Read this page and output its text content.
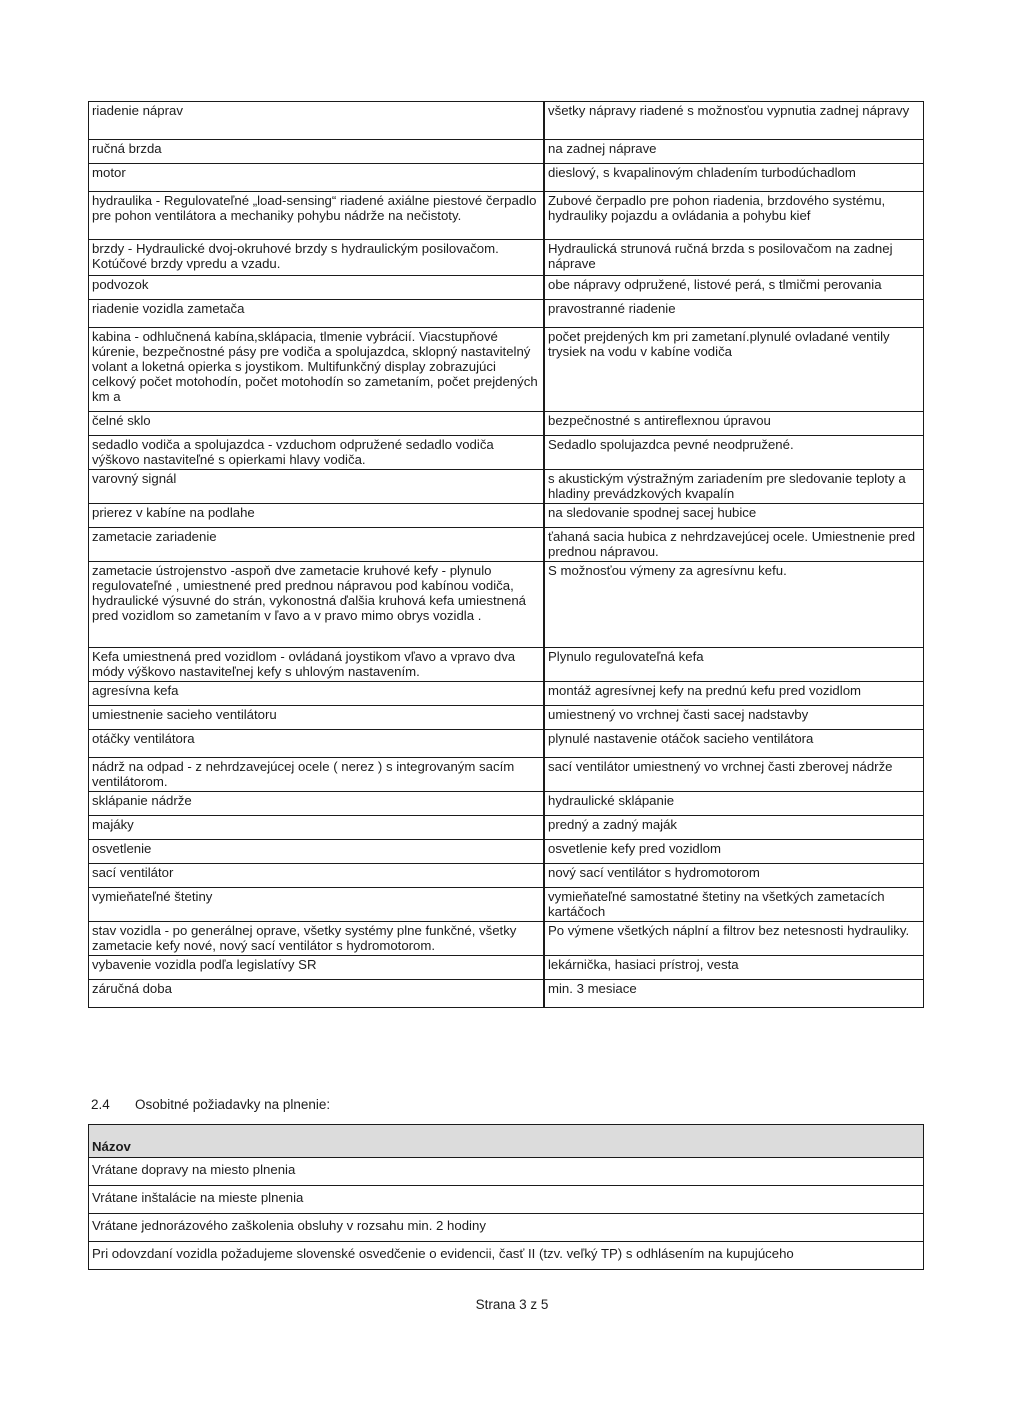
riadenie náprav		všetky nápravy riadené s možnosťou vypnutia zadnej nápravy
ručná brzda		na zadnej náprave
motor		dieslový, s kvapalinovým chladením turbodúchadlom
hydraulika - Regulovateľné „load-sensing“ riadené axiálne piestové čerpadlo pre pohon ventilátora a mechaniky pohybu nádrže na nečistoty.		Zubové čerpadlo pre pohon riadenia, brzdového systému, hydrauliky pojazdu a ovládania a pohybu kief
brzdy - Hydraulické dvoj-okruhové brzdy s hydraulickým posilovačom. Kotúčové brzdy vpredu a vzadu.		Hydraulická strunová ručná brzda s posilovačom na zadnej náprave
podvozok		obe nápravy odpružené, listové perá, s tlmičmi perovania
riadenie vozidla zametača		pravostranné riadenie
kabina - odhlučnená kabína,sklápacia, tlmenie vybrácií. Viacstupňové kúrenie, bezpečnostné pásy pre vodiča a spolujazdca, sklopný nastavitelný volant a loketná opierka s joystikom. Multifunkčný display zobrazujúci celkový počet motohodín, počet motohodín so zametaním, počet prejdených km a		počet prejdených km pri zametaní.plynulé ovladané ventily trysiek na vodu v kabíne vodiča
čelné sklo		bezpečnostné s antireflexnou úpravou
sedadlo vodiča a spolujazdca - vzduchom odpružené sedadlo vodiča výškovo nastaviteľné s opierkami hlavy vodiča.		Sedadlo spolujazdca pevné neodpružené.
varovný signál		s akustickým výstražným zariadením pre sledovanie teploty a hladiny prevádzkových kvapalín
prierez v kabíne na podlahe		na sledovanie spodnej sacej hubice
zametacie zariadenie		ťahaná sacia hubica z nehrdzavejúcej ocele. Umiestnenie pred prednou nápravou.
zametacie ústrojenstvo -aspoň dve zametacie kruhové kefy - plynulo regulovateľné , umiestnené pred prednou nápravou pod kabínou vodiča, hydraulické výsuvné do strán, vykonostná ďalšia kruhová kefa umiestnená pred vozidlom so zametaním v ľavo a v pravo mimo obrys vozidla .		S možnosťou výmeny za agresívnu kefu.
Kefa umiestnená pred vozidlom - ovládaná joystikom vľavo a vpravo dva módy výškovo nastaviteľnej kefy s uhlovým nastavením.		Plynulo regulovateľná kefa
agresívna kefa		montáž agresívnej kefy na prednú kefu pred vozidlom
umiestnenie sacieho ventilátoru		umiestnený vo vrchnej časti sacej nadstavby
otáčky ventilátora		plynulé nastavenie otáčok sacieho ventilátora
nádrž na odpad - z nehrdzavejúcej ocele ( nerez ) s integrovaným sacím ventilátorom.		sací ventilátor umiestnený vo vrchnej časti zberovej nádrže
sklápanie nádrže		hydraulické sklápanie
majáky		predný a zadný maják
osvetlenie		osvetlenie kefy pred vozidlom
sací ventilátor		nový sací ventilátor s hydromotorom
vymieňateľné štetiny		vymieňateľné samostatné štetiny na všetkých zametacích kartáčoch
stav vozidla - po generálnej oprave, všetky systémy plne funkčné, všetky zametacie kefy nové, nový sací ventilátor s hydromotorom.		Po výmene všetkých náplní a filtrov bez netesnosti hydrauliky.
vybavenie vozidla podľa legislatívy SR		lekárnička, hasiaci prístroj, vesta
záručná doba		min. 3 mesiace
2.4 Osobitné požiadavky na plnenie:
Názov
Vrátane dopravy na miesto plnenia
Vrátane inštalácie na mieste plnenia
Vrátane jednorázového zaškolenia obsluhy v rozsahu min. 2 hodiny
Pri odovzdaní vozidla požadujeme slovenské osvedčenie o evidencii, časť II (tzv. veľký TP) s odhlásením na kupujúceho
Strana 3 z 5
